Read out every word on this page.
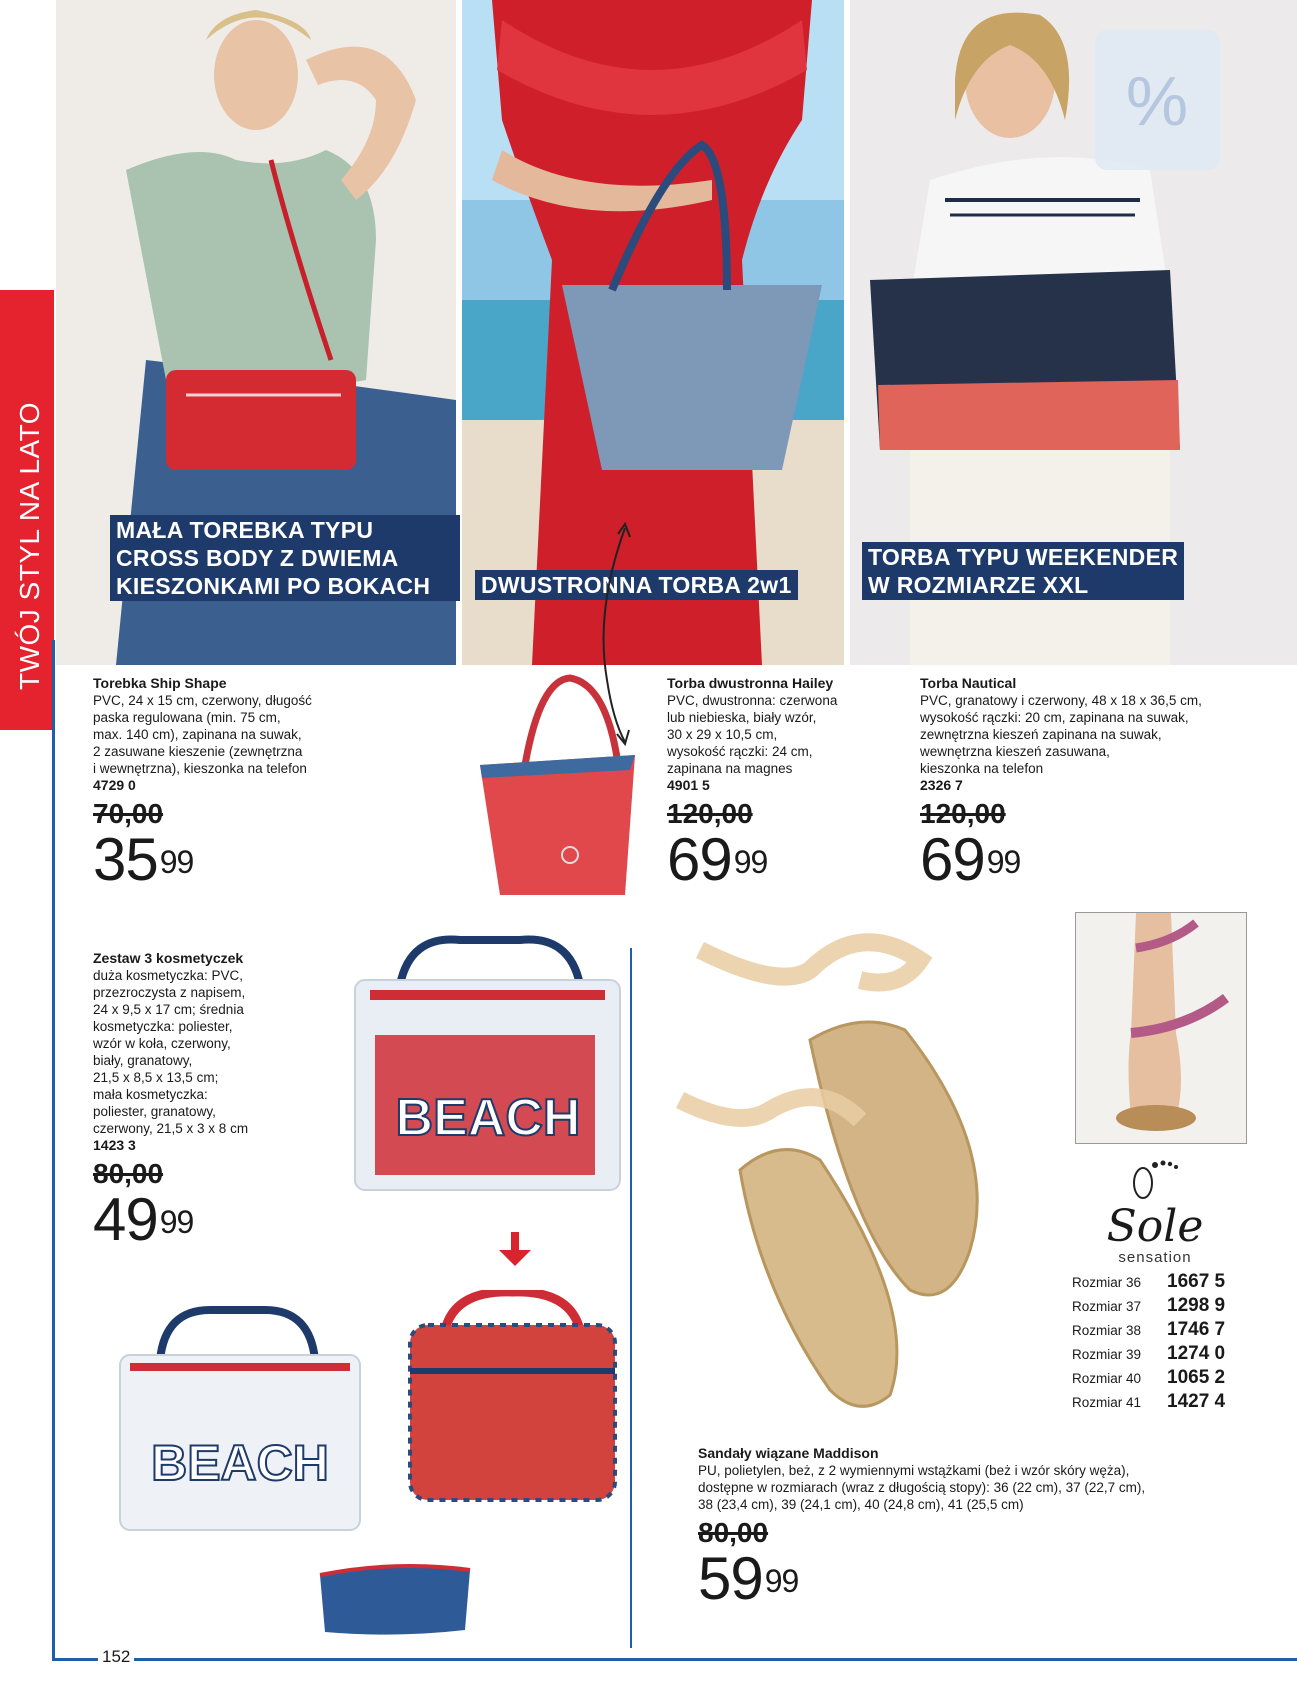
%
MAŁA TOREBKA TYPU
CROSS BODY Z DWIEMA
KIESZONKAMI PO BOKACH	DWUSTRONNA TORBA 2w1
TORBA TYPU WEEKENDER
W ROZMIARZE XXL
TWÓJ STYL NA LATO
152
Torebka Ship Shape
PVC, 24 x 15 cm, czerwony, długość
paska regulowana (min. 75 cm,
max. 140 cm), zapinana na suwak,
2 zasuwane kieszenie (zewnętrzna
i wewnętrzna), kieszonka na telefon
4729 0
70,00
$35^{99}$
Torba dwustronna Hailey
PVC, dwustronna: czerwona
lub niebieska, biały wzór,
30 x 29 x 10,5 cm,
wysokość rączki: 24 cm,
zapinana na magnes
4901 5
120,00
$69^{99}$
Torba Nautical
PVC, granatowy i czerwony, 48 x 18 x 36,5 cm,
wysokość rączki: 20 cm, zapinana na suwak,
zewnętrzna kieszeń zapinana na suwak,
wewnętrzna kieszeń zasuwana,
kieszonka na telefon
2326 7
120,00
$69^{99}$
Zestaw 3 kosmetyczek
duża kosmetyczka: PVC,
przezroczysta z napisem,
24 x 9,5 x 17 cm; średnia
kosmetyczka: poliester,
wzór w koła, czerwony,
biały, granatowy,
21,5 x 8,5 x 13,5 cm;
mała kosmetyczka:
poliester, granatowy,
czerwony, 21,5 x 3 x 8 cm
1423 3
80,00
$49^{99}$
BEACH
BEACH
Sole
sensation
Rozmiar 36	1667 5
Rozmiar 37	1298 9
Rozmiar 38	1746 7
Rozmiar 39	1274 0
Rozmiar 40	1065 2
Rozmiar 41	1427 4
Sandały wiązane Maddison
PU, polietylen, beż, z 2 wymiennymi wstążkami (beż i wzór skóry węża),
dostępne w rozmiarach (wraz z długością stopy): 36 (22 cm), 37 (22,7 cm),
38 (23,4 cm), 39 (24,1 cm), 40 (24,8 cm), 41 (25,5 cm)
80,00
$59^{99}$
